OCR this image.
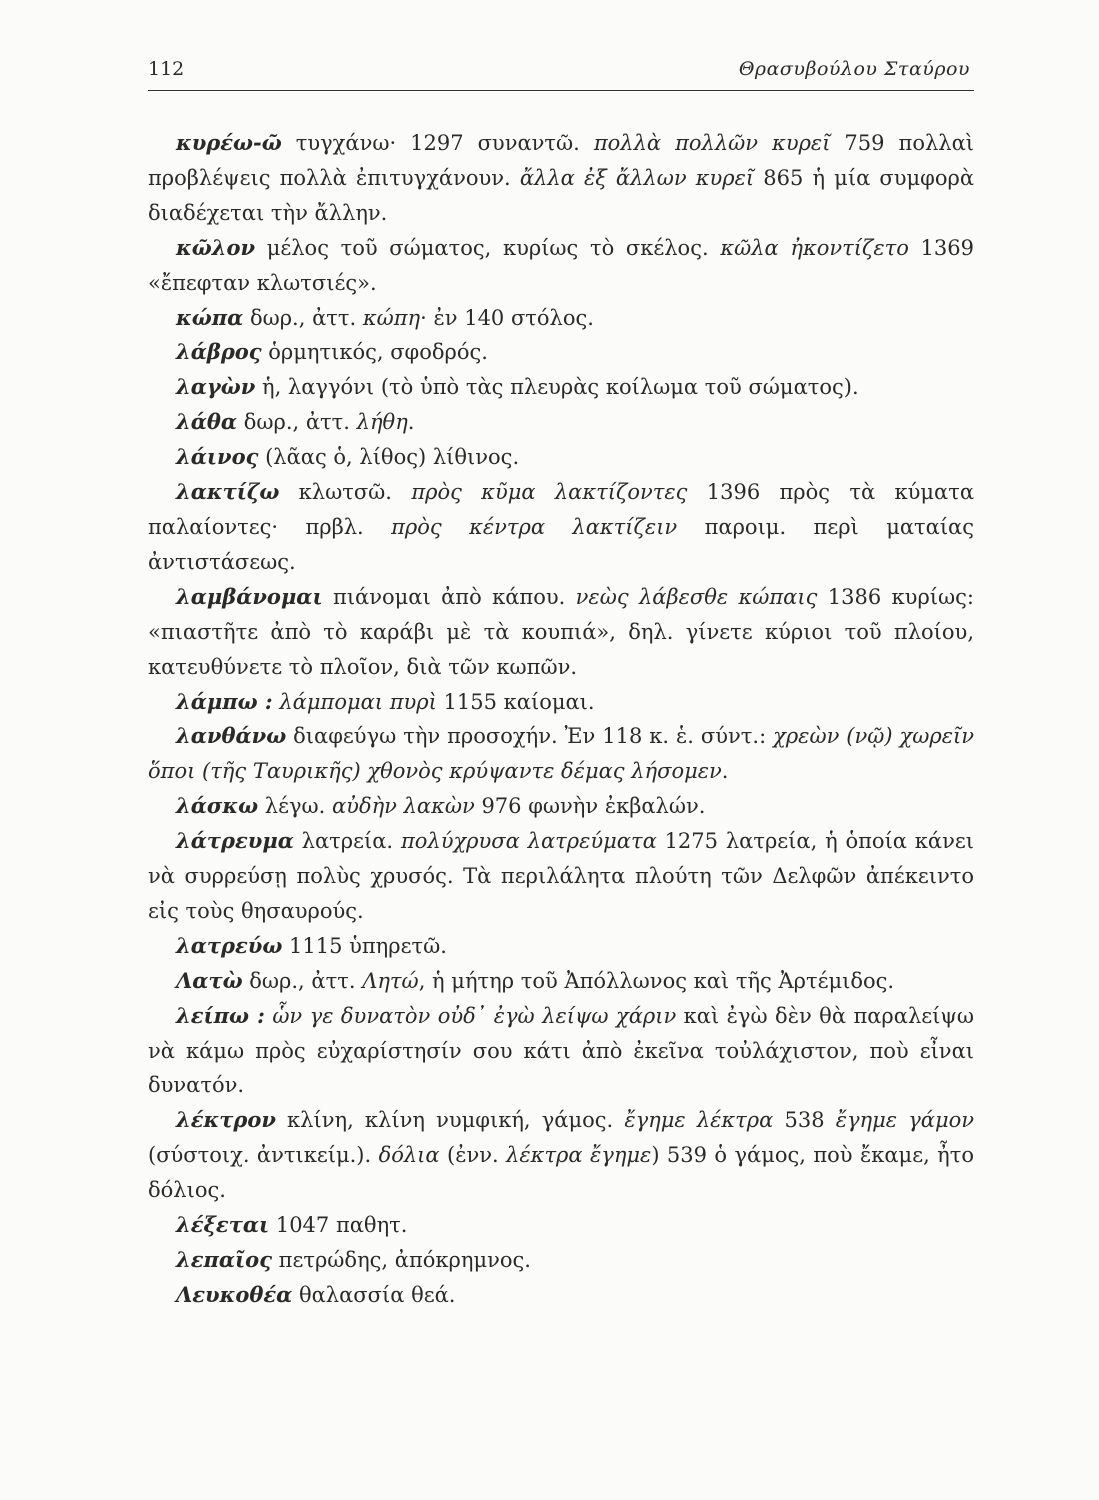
112	Θρασυβούλου Σταύρου

κυρέω-ῶ τυγχάνω· 1297 συναντῶ. πολλὰ πολλῶν κυρεῖ 759 πολλαὶ προβλέψεις πολλὰ ἐπιτυγχάνουν. ἄλλα ἐξ ἄλλων κυρεῖ 865 ἡ μία συμφορὰ διαδέχεται τὴν ἄλλην.

κῶλον μέλος τοῦ σώματος, κυρίως τὸ σκέλος. κῶλα ἠκοντίζετο 1369 «ἔπεφταν κλωτσιές».

κώπα δωρ., ἀττ. κώπη· ἐν 140 στόλος.

λάβρος ὁρμητικός, σφοδρός.

λαγὼν ἡ, λαγγόνι (τὸ ὑπὸ τὰς πλευρὰς κοίλωμα τοῦ σώματος).

λάθα δωρ., ἀττ. λήθη.

λάινος (λᾶας ὁ, λίθος) λίθινος.

λακτίζω κλωτσῶ. πρὸς κῦμα λακτίζοντες 1396 πρὸς τὰ κύματα παλαίοντες· πρβλ. πρὸς κέντρα λακτίζειν παροιμ. περὶ ματαίας ἀντιστάσεως.

λαμβάνομαι πιάνομαι ἀπὸ κάπου. νεὼς λάβεσθε κώπαις 1386 κυρίως: «πιαστῆτε ἀπὸ τὸ καράβι μὲ τὰ κουπιά», δηλ. γίνετε κύριοι τοῦ πλοίου, κατευθύνετε τὸ πλοῖον, διὰ τῶν κωπῶν.

λάμπω : λάμπομαι πυρὶ 1155 καίομαι.

λανθάνω διαφεύγω τὴν προσοχήν. Ἐν 118 κ. ἑ. σύντ.: χρεὼν (νῷ) χωρεῖν ὅποι (τῆς Ταυρικῆς) χθονὸς κρύψαντε δέμας λήσομεν.

λάσκω λέγω. αὐδὴν λακὼν 976 φωνὴν ἐκβαλών.

λάτρευμα λατρεία. πολύχρυσα λατρεύματα 1275 λατρεία, ἡ ὁποία κάνει νὰ συρρεύσῃ πολὺς χρυσός. Τὰ περιλάλητα πλούτη τῶν Δελφῶν ἀπέκειντο εἰς τοὺς θησαυρούς.

λατρεύω 1115 ὑπηρετῶ.

Λατὼ δωρ., ἀττ. Λητώ, ἡ μήτηρ τοῦ Ἀπόλλωνος καὶ τῆς Ἀρτέμιδος.

λείπω : ὧν γε δυνατὸν οὐδ᾽ ἐγὼ λείψω χάριν καὶ ἐγὼ δὲν θὰ παραλείψω νὰ κάμω πρὸς εὐχαρίστησίν σου κάτι ἀπὸ ἐκεῖνα τοὐλάχιστον, ποὺ εἶναι δυνατόν.

λέκτρον κλίνη, κλίνη νυμφική, γάμος. ἔγημε λέκτρα 538 ἔγημε γάμον (σύστοιχ. ἀντικείμ.). δόλια (ἐνν. λέκτρα ἔγημε) 539 ὁ γάμος, ποὺ ἔκαμε, ἦτο δόλιος.

λέξεται 1047 παθητ.

λεπαῖος πετρώδης, ἀπόκρημνος.

Λευκοθέα θαλασσία θεά.
